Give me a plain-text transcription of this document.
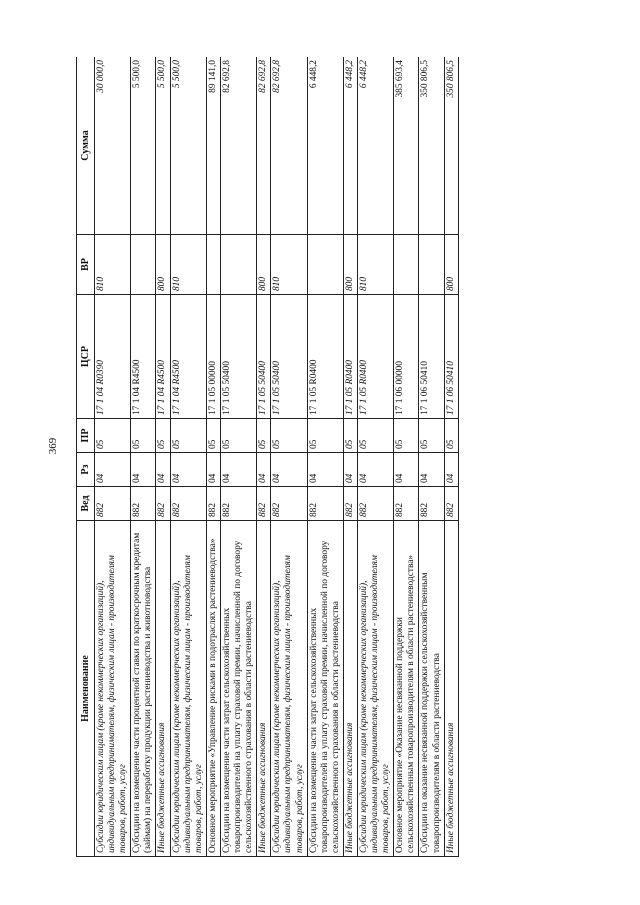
369
Наименование	Вед	Рз	ПР	ЦСР	ВР	Сумма
Субсидии юридическим лицам (кроме некоммерческих организаций), индивидуальным предпринимателям, физическим лицам - производителям товаров, работ, услуг	882	04	05	17 1 04 R0390	810	30 000,0
Субсидии на возмещение части процентной ставки по краткосрочным кредитам (займам) на переработку продукции растениеводства и животноводства	882	04	05	17 1 04 R4500		5 500,0
Иные бюджетные ассигнования	882	04	05	17 1 04 R4500	800	5 500,0
Субсидии юридическим лицам (кроме некоммерческих организаций), индивидуальным предпринимателям, физическим лицам - производителям товаров, работ, услуг	882	04	05	17 1 04 R4500	810	5 500,0
Основное мероприятие «Управление рисками в подотраслях растениеводства»	882	04	05	17 1 05 00000		89 141,0
Субсидии на возмещение части затрат сельскохозяйственных товаропроизводителей на уплату страховой премии, начисленной по договору сельскохозяйственного страхования в области растениеводства	882	04	05	17 1 05 50400		82 692,8
Иные бюджетные ассигнования	882	04	05	17 1 05 50400	800	82 692,8
Субсидии юридическим лицам (кроме некоммерческих организаций), индивидуальным предпринимателям, физическим лицам - производителям товаров, работ, услуг	882	04	05	17 1 05 50400	810	82 692,8
Субсидии на возмещение части затрат сельскохозяйственных товаропроизводителей на уплату страховой премии, начисленной по договору сельскохозяйственного страхования в области растениеводства	882	04	05	17 1 05 R0400		6 448,2
Иные бюджетные ассигнования	882	04	05	17 1 05 R0400	800	6 448,2
Субсидии юридическим лицам (кроме некоммерческих организаций), индивидуальным предпринимателям, физическим лицам - производителям товаров, работ, услуг	882	04	05	17 1 05 R0400	810	6 448,2
Основное мероприятие «Оказание несвязанной поддержки сельскохозяйственным товаропроизводителям в области растениеводства»	882	04	05	17 1 06 00000		385 693,4
Субсидии на оказание несвязанной поддержки сельскохозяйственным товаропроизводителям в области растениеводства	882	04	05	17 1 06 50410		350 806,5
Иные бюджетные ассигнования	882	04	05	17 1 06 50410	800	350 806,5
